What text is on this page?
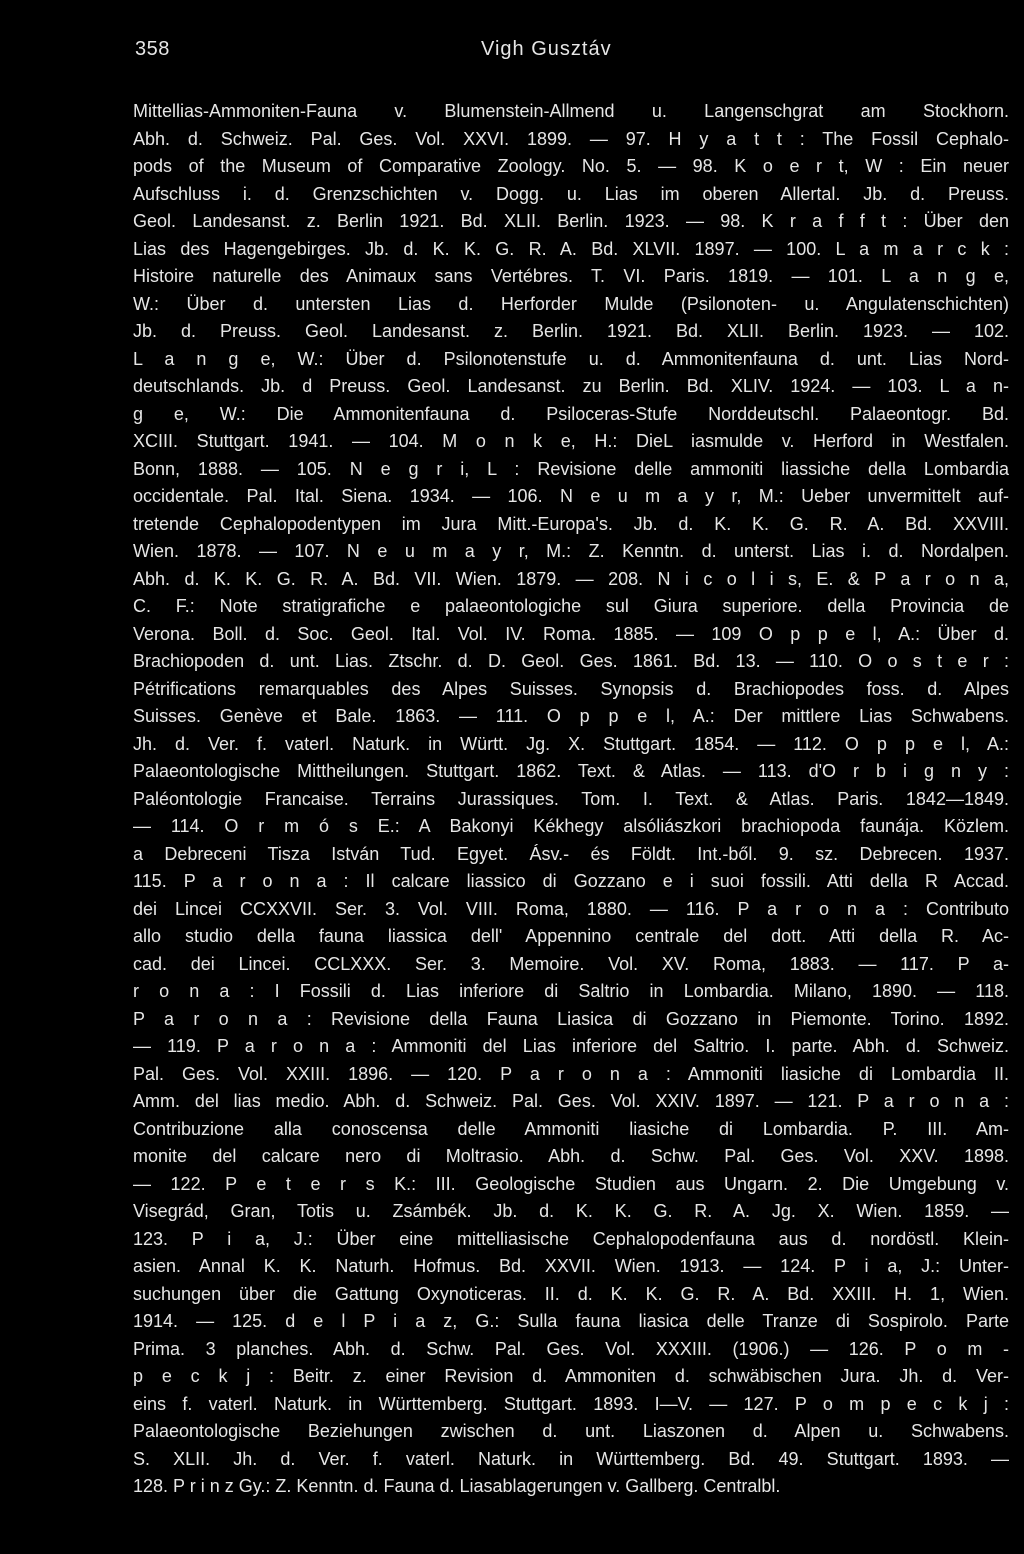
358	Vigh Gusztáv
Mittellias-Ammoniten-Fauna v. Blumenstein-Allmend u. Langenschgrat am Stockhorn.
Abh. d. Schweiz. Pal. Ges. Vol. XXVI. 1899. — 97. H y a t t : The Fossil Cephalo-
pods of the Museum of Comparative Zoology. No. 5. — 98. K o e r t, W : Ein neuer
Aufschluss i. d. Grenzschichten v. Dogg. u. Lias im oberen Allertal. Jb. d. Preuss.
Geol. Landesanst. z. Berlin 1921. Bd. XLII. Berlin. 1923. — 98. K r a f f t : Über den
Lias des Hagengebirges. Jb. d. K. K. G. R. A. Bd. XLVII. 1897. — 100. L a m a r c k :
Histoire naturelle des Animaux sans Vertébres. T. VI. Paris. 1819. — 101. L a n g e,
W.: Über d. untersten Lias d. Herforder Mulde (Psilonoten- u. Angulatenschichten)
Jb. d. Preuss. Geol. Landesanst. z. Berlin. 1921. Bd. XLII. Berlin. 1923. — 102.
L a n g e, W.: Über d. Psilonotenstufe u. d. Ammonitenfauna d. unt. Lias Nord-
deutschlands. Jb. d Preuss. Geol. Landesanst. zu Berlin. Bd. XLIV. 1924. — 103. L a n-
g e, W.: Die Ammonitenfauna d. Psiloceras-Stufe Norddeutschl. Palaeontogr. Bd.
XCIII. Stuttgart. 1941. — 104. M o n k e, H.: DieL iasmulde v. Herford in Westfalen.
Bonn, 1888. — 105. N e g r i, L : Revisione delle ammoniti liassiche della Lombardia
occidentale. Pal. Ital. Siena. 1934. — 106. N e u m a y r, M.: Ueber unvermittelt auf-
tretende Cephalopodentypen im Jura Mitt.-Europa's. Jb. d. K. K. G. R. A. Bd. XXVIII.
Wien. 1878. — 107. N e u m a y r, M.: Z. Kenntn. d. unterst. Lias i. d. Nordalpen.
Abh. d. K. K. G. R. A. Bd. VII. Wien. 1879. — 208. N i c o l i s, E. & P a r o n a,
C. F.: Note stratigrafiche e palaeontologiche sul Giura superiore. della Provincia de
Verona. Boll. d. Soc. Geol. Ital. Vol. IV. Roma. 1885. — 109 O p p e l, A.: Über d.
Brachiopoden d. unt. Lias. Ztschr. d. D. Geol. Ges. 1861. Bd. 13. — 110. O o s t e r :
Pétrifications remarquables des Alpes Suisses. Synopsis d. Brachiopodes foss. d. Alpes
Suisses. Genève et Bale. 1863. — 111. O p p e l, A.: Der mittlere Lias Schwabens.
Jh. d. Ver. f. vaterl. Naturk. in Württ. Jg. X. Stuttgart. 1854. — 112. O p p e l, A.:
Palaeontologische Mittheilungen. Stuttgart. 1862. Text. & Atlas. — 113. d'O r b i g n y :
Paléontologie Francaise. Terrains Jurassiques. Tom. I. Text. & Atlas. Paris. 1842—1849.
— 114. O r m ó s E.: A Bakonyi Kékhegy alsóliászkori brachiopoda faunája. Közlem.
a Debreceni Tisza István Tud. Egyet. Ásv.- és Földt. Int.-ből. 9. sz. Debrecen. 1937.
115. P a r o n a : Il calcare liassico di Gozzano e i suoi fossili. Atti della R Accad.
dei Lincei CCXXVII. Ser. 3. Vol. VIII. Roma, 1880. — 116. P a r o n a : Contributo
allo studio della fauna liassica dell' Appennino centrale del dott. Atti della R. Ac-
cad. dei Lincei. CCLXXX. Ser. 3. Memoire. Vol. XV. Roma, 1883. — 117. P a-
r o n a : I Fossili d. Lias inferiore di Saltrio in Lombardia. Milano, 1890. — 118.
P a r o n a : Revisione della Fauna Liasica di Gozzano in Piemonte. Torino. 1892.
— 119. P a r o n a : Ammoniti del Lias inferiore del Saltrio. I. parte. Abh. d. Schweiz.
Pal. Ges. Vol. XXIII. 1896. — 120. P a r o n a : Ammoniti liasiche di Lombardia II.
Amm. del lias medio. Abh. d. Schweiz. Pal. Ges. Vol. XXIV. 1897. — 121. P a r o n a :
Contribuzione alla conoscensa delle Ammoniti liasiche di Lombardia. P. III. Am-
monite del calcare nero di Moltrasio. Abh. d. Schw. Pal. Ges. Vol. XXV. 1898.
— 122. P e t e r s K.: III. Geologische Studien aus Ungarn. 2. Die Umgebung v.
Visegrád, Gran, Totis u. Zsámbék. Jb. d. K. K. G. R. A. Jg. X. Wien. 1859. —
123. P i a, J.: Über eine mittelliasische Cephalopodenfauna aus d. nordöstl. Klein-
asien. Annal K. K. Naturh. Hofmus. Bd. XXVII. Wien. 1913. — 124. P i a, J.: Unter-
suchungen über die Gattung Oxynoticeras. II. d. K. K. G. R. A. Bd. XXIII. H. 1, Wien.
1914. — 125. d e l P i a z, G.: Sulla fauna liasica delle Tranze di Sospirolo. Parte
Prima. 3 planches. Abh. d. Schw. Pal. Ges. Vol. XXXIII. (1906.) — 126. P o m -
p e c k j : Beitr. z. einer Revision d. Ammoniten d. schwäbischen Jura. Jh. d. Ver-
eins f. vaterl. Naturk. in Württemberg. Stuttgart. 1893. I—V. — 127. P o m p e c k j :
Palaeontologische Beziehungen zwischen d. unt. Liaszonen d. Alpen u. Schwabens.
S. XLII. Jh. d. Ver. f. vaterl. Naturk. in Württemberg. Bd. 49. Stuttgart. 1893. —
128. P r i n z Gy.: Z. Kenntn. d. Fauna d. Liasablagerungen v. Gallberg. Centralbl.
